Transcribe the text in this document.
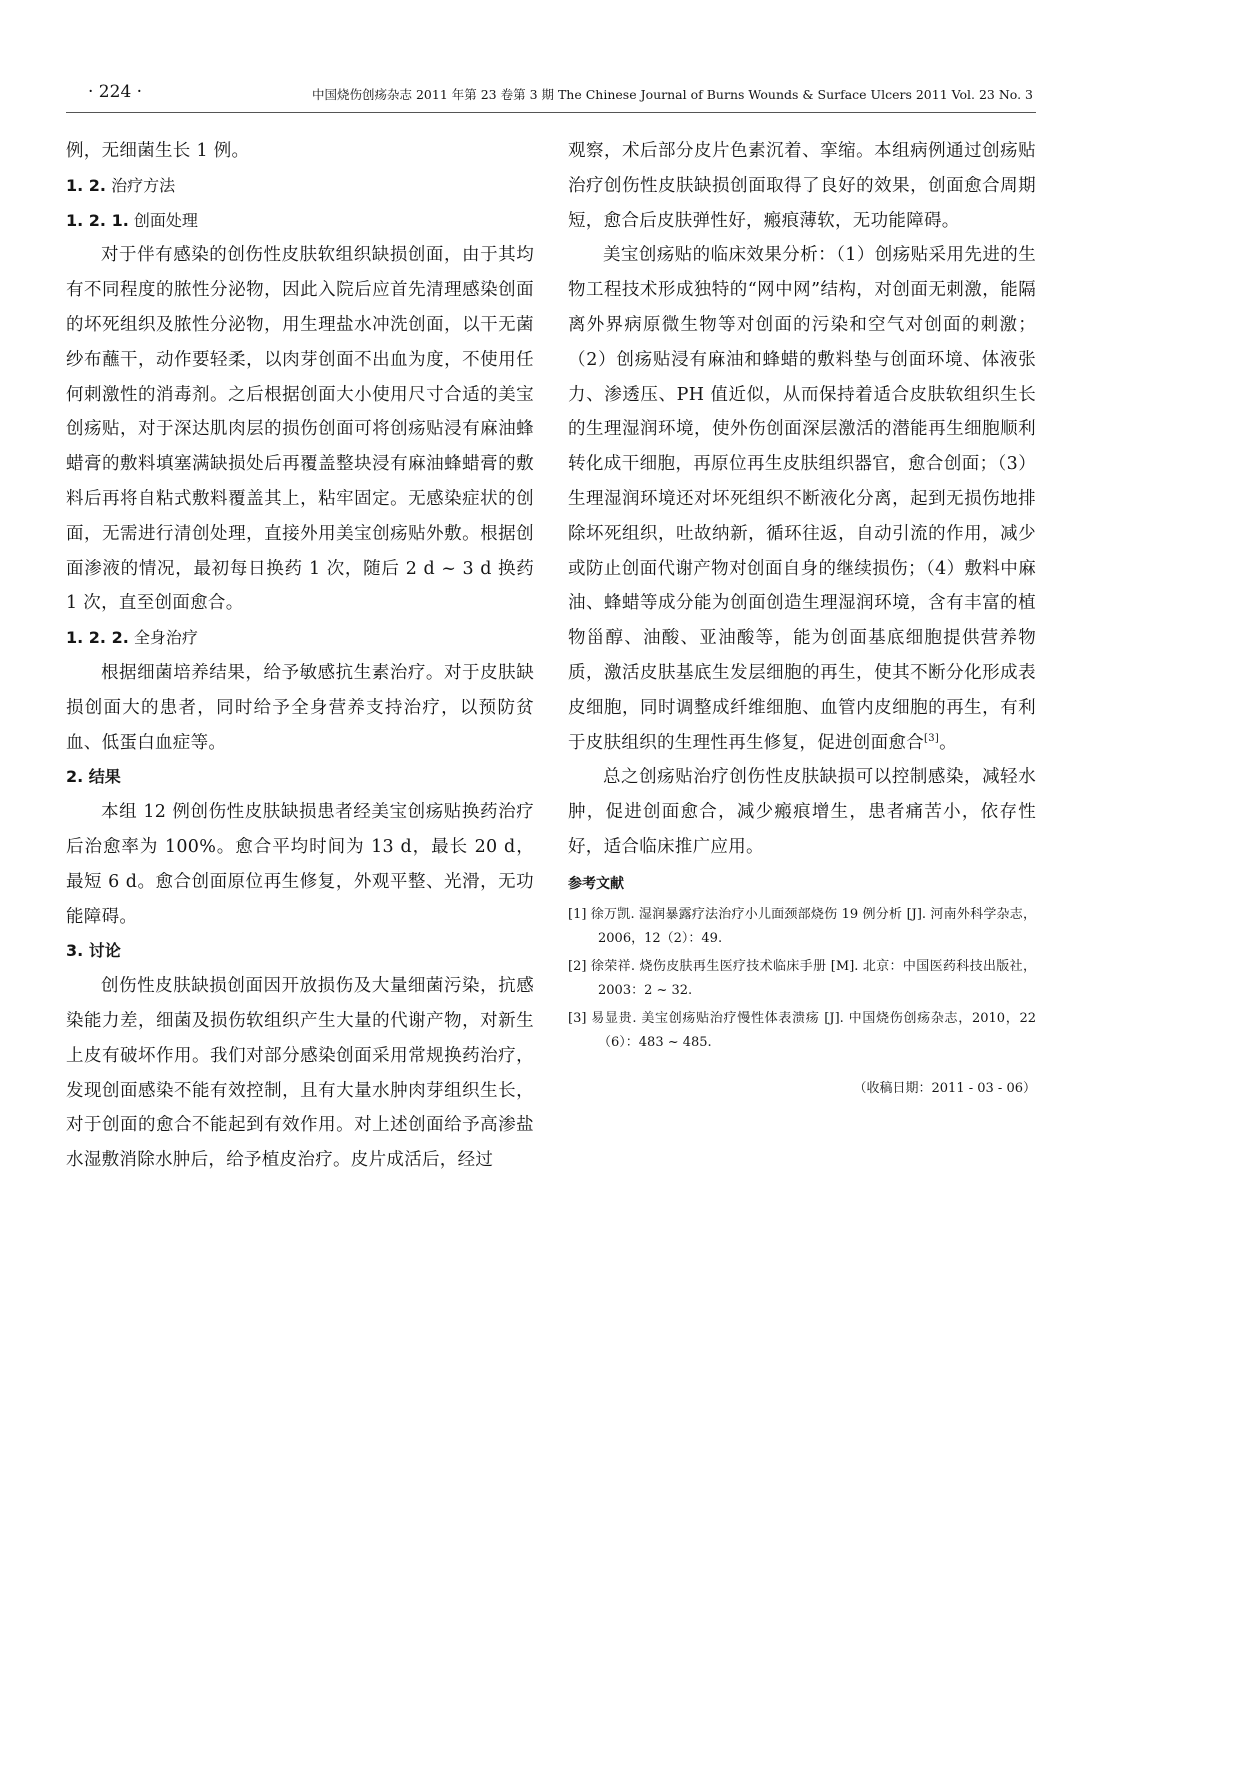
· 224 ·	中国烧伤创疡杂志 2011 年第 23 卷第 3 期 The Chinese Journal of Burns Wounds & Surface Ulcers 2011 Vol. 23 No. 3

例，无细菌生长 1 例。

1. 2. 治疗方法
1. 2. 1. 创面处理

对于伴有感染的创伤性皮肤软组织缺损创面，由于其均有不同程度的脓性分泌物，因此入院后应首先清理感染创面的坏死组织及脓性分泌物，用生理盐水冲洗创面，以干无菌纱布蘸干，动作要轻柔，以肉芽创面不出血为度，不使用任何刺激性的消毒剂。之后根据创面大小使用尺寸合适的美宝创疡贴，对于深达肌肉层的损伤创面可将创疡贴浸有麻油蜂蜡膏的敷料填塞满缺损处后再覆盖整块浸有麻油蜂蜡膏的敷料后再将自粘式敷料覆盖其上，粘牢固定。无感染症状的创面，无需进行清创处理，直接外用美宝创疡贴外敷。根据创面渗液的情况，最初每日换药 1 次，随后 2 d ~ 3 d 换药 1 次，直至创面愈合。

1. 2. 2. 全身治疗

根据细菌培养结果，给予敏感抗生素治疗。对于皮肤缺损创面大的患者，同时给予全身营养支持治疗，以预防贫血、低蛋白血症等。

2. 结果

本组 12 例创伤性皮肤缺损患者经美宝创疡贴换药治疗后治愈率为 100%。愈合平均时间为 13 d，最长 20 d，最短 6 d。愈合创面原位再生修复，外观平整、光滑，无功能障碍。

3. 讨论

创伤性皮肤缺损创面因开放损伤及大量细菌污染，抗感染能力差，细菌及损伤软组织产生大量的代谢产物，对新生上皮有破坏作用。我们对部分感染创面采用常规换药治疗，发现创面感染不能有效控制，且有大量水肿肉芽组织生长，对于创面的愈合不能起到有效作用。对上述创面给予高渗盐水湿敷消除水肿后，给予植皮治疗。皮片成活后，经过

观察，术后部分皮片色素沉着、挛缩。本组病例通过创疡贴治疗创伤性皮肤缺损创面取得了良好的效果，创面愈合周期短，愈合后皮肤弹性好，瘢痕薄软，无功能障碍。

美宝创疡贴的临床效果分析：（1）创疡贴采用先进的生物工程技术形成独特的“网中网”结构，对创面无刺激，能隔离外界病原微生物等对创面的污染和空气对创面的刺激；（2）创疡贴浸有麻油和蜂蜡的敷料垫与创面环境、体液张力、渗透压、PH 值近似，从而保持着适合皮肤软组织生长的生理湿润环境，使外伤创面深层激活的潜能再生细胞顺利转化成干细胞，再原位再生皮肤组织器官，愈合创面；（3）生理湿润环境还对坏死组织不断液化分离，起到无损伤地排除坏死组织，吐故纳新，循环往返，自动引流的作用，减少或防止创面代谢产物对创面自身的继续损伤；（4）敷料中麻油、蜂蜡等成分能为创面创造生理湿润环境，含有丰富的植物甾醇、油酸、亚油酸等，能为创面基底细胞提供营养物质，激活皮肤基底生发层细胞的再生，使其不断分化形成表皮细胞，同时调整成纤维细胞、血管内皮细胞的再生，有利于皮肤组织的生理性再生修复，促进创面愈合[3]。

总之创疡贴治疗创伤性皮肤缺损可以控制感染，减轻水肿，促进创面愈合，减少瘢痕增生，患者痛苦小，依存性好，适合临床推广应用。

参考文献

[1] 徐万凯. 湿润暴露疗法治疗小儿面颈部烧伤 19 例分析 [J]. 河南外科学杂志，2006，12（2）：49.

[2] 徐荣祥. 烧伤皮肤再生医疗技术临床手册 [M]. 北京：中国医药科技出版社，2003：2 ~ 32.

[3] 易显贵. 美宝创疡贴治疗慢性体表溃疡 [J]. 中国烧伤创疡杂志，2010，22（6）：483 ~ 485.

（收稿日期：2011 - 03 - 06）
